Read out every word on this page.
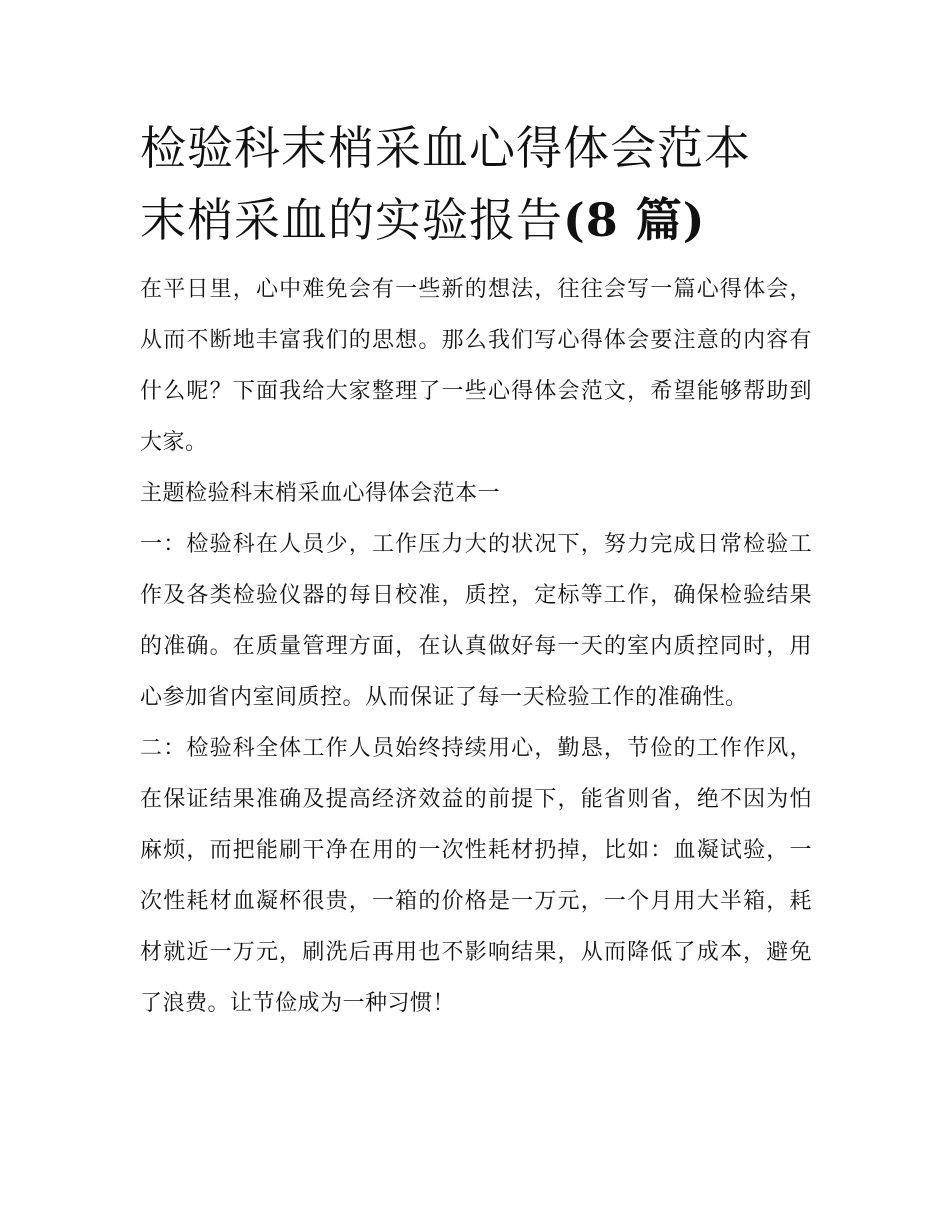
检验科末梢采血心得体会范本
末梢采血的实验报告(8 篇)

在平日里，心中难免会有一些新的想法，往往会写一篇心得体会，从而不断地丰富我们的思想。那么我们写心得体会要注意的内容有什么呢？下面我给大家整理了一些心得体会范文，希望能够帮助到大家。

主题检验科末梢采血心得体会范本一

一：检验科在人员少，工作压力大的状况下，努力完成日常检验工作及各类检验仪器的每日校准，质控，定标等工作，确保检验结果的准确。在质量管理方面，在认真做好每一天的室内质控同时，用心参加省内室间质控。从而保证了每一天检验工作的准确性。

二：检验科全体工作人员始终持续用心，勤恳，节俭的工作作风，在保证结果准确及提高经济效益的前提下，能省则省，绝不因为怕麻烦，而把能刷干净在用的一次性耗材扔掉，比如：血凝试验，一次性耗材血凝杯很贵，一箱的价格是一万元，一个月用大半箱，耗材就近一万元，刷洗后再用也不影响结果，从而降低了成本，避免了浪费。让节俭成为一种习惯！
